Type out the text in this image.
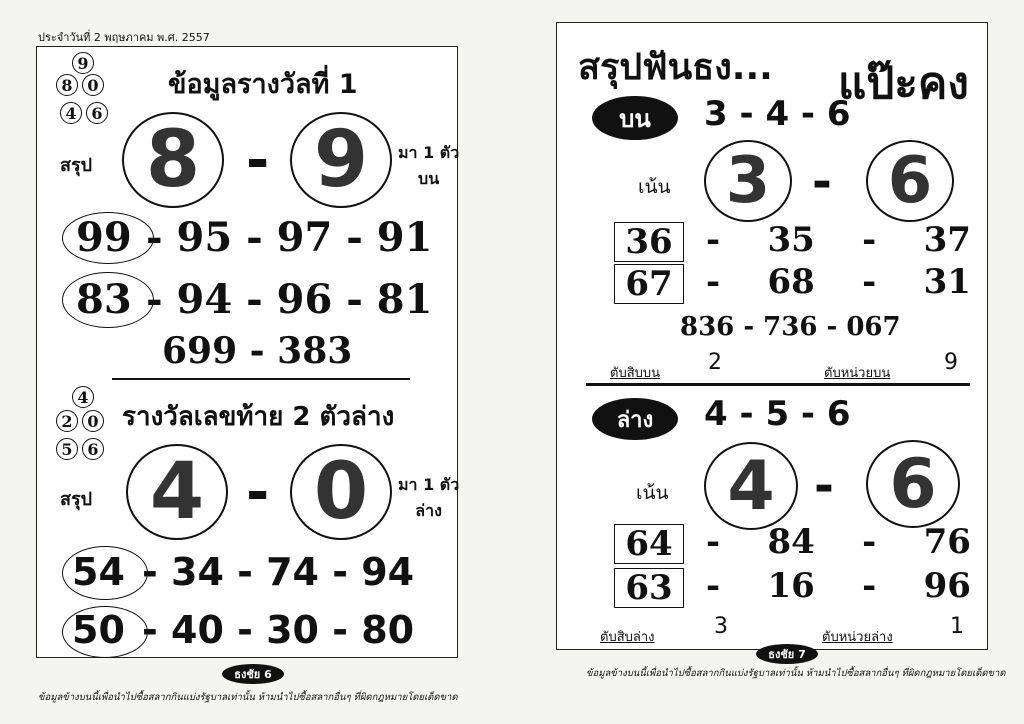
ประจำวันที่ 2 พฤษภาคม พ.ศ. 2557
9
8 0
4 6
ข้อมูลรางวัลที่ 1
สรุป 8 - 9 มา 1 ตัว
บน
99 - 95 - 97 - 91
83 - 94 - 96 - 81
699 - 383
4
2 0
5 6
รางวัลเลขท้าย 2 ตัวล่าง
สรุป 4 - 0 มา 1 ตัว
ล่าง
54 - 34 - 74 - 94
50 - 40 - 30 - 80
ธงชัย 6
ข้อมูลข้างบนนี้เพื่อนำไปซื้อสลากกินแบ่งรัฐบาลเท่านั้น ห้ามนำไปซื้อสลากอื่นๆ ที่ผิดกฎหมายโดยเด็ดขาด
สรุปฟันธง... แป๊ะคง
บน	3 - 4 - 6
เน้น 3 - 6
36 -    35    -    37
67 -    68    -    31
836 - 736 - 067
ตับสิบบน 2	ตับหน่วยบน 9
ล่าง	4 - 5 - 6
เน้น 4 - 6
64 -    84    -    76
63 -    16    -    96
ตับสิบล่าง	3	ตับหน่วยล่าง	1
ธงชัย 7
ข้อมูลข้างบนนี้เพื่อนำไปซื้อสลากกินแบ่งรัฐบาลเท่านั้น ห้ามนำไปซื้อสลากอื่นๆ ที่ผิดกฎหมายโดยเด็ดขาด
